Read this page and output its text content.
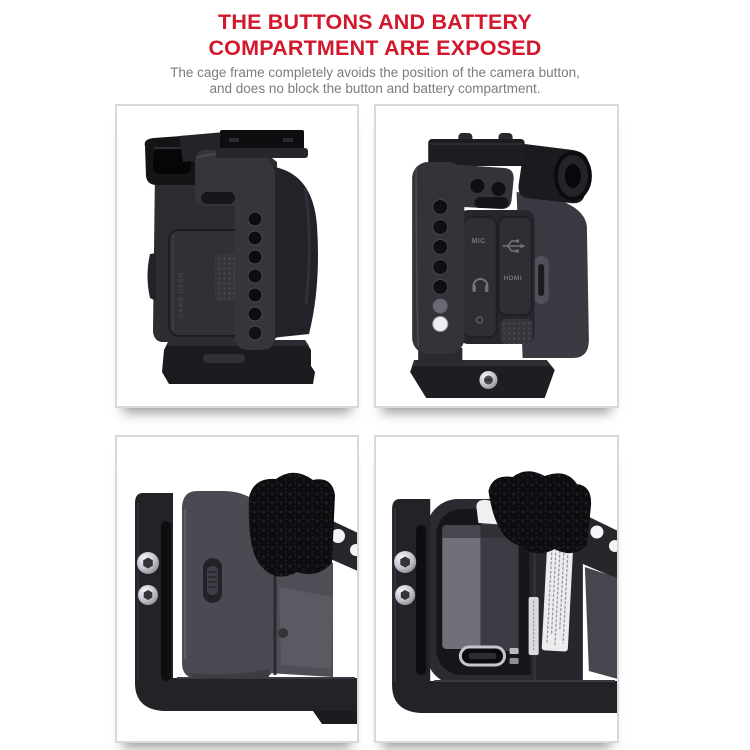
THE BUTTONS AND BATTERY
COMPARTMENT ARE EXPOSED

The cage frame completely avoids the position of the camera button,
and does no block the button and battery compartment.

CARD OPEN
MIC
HDMI
